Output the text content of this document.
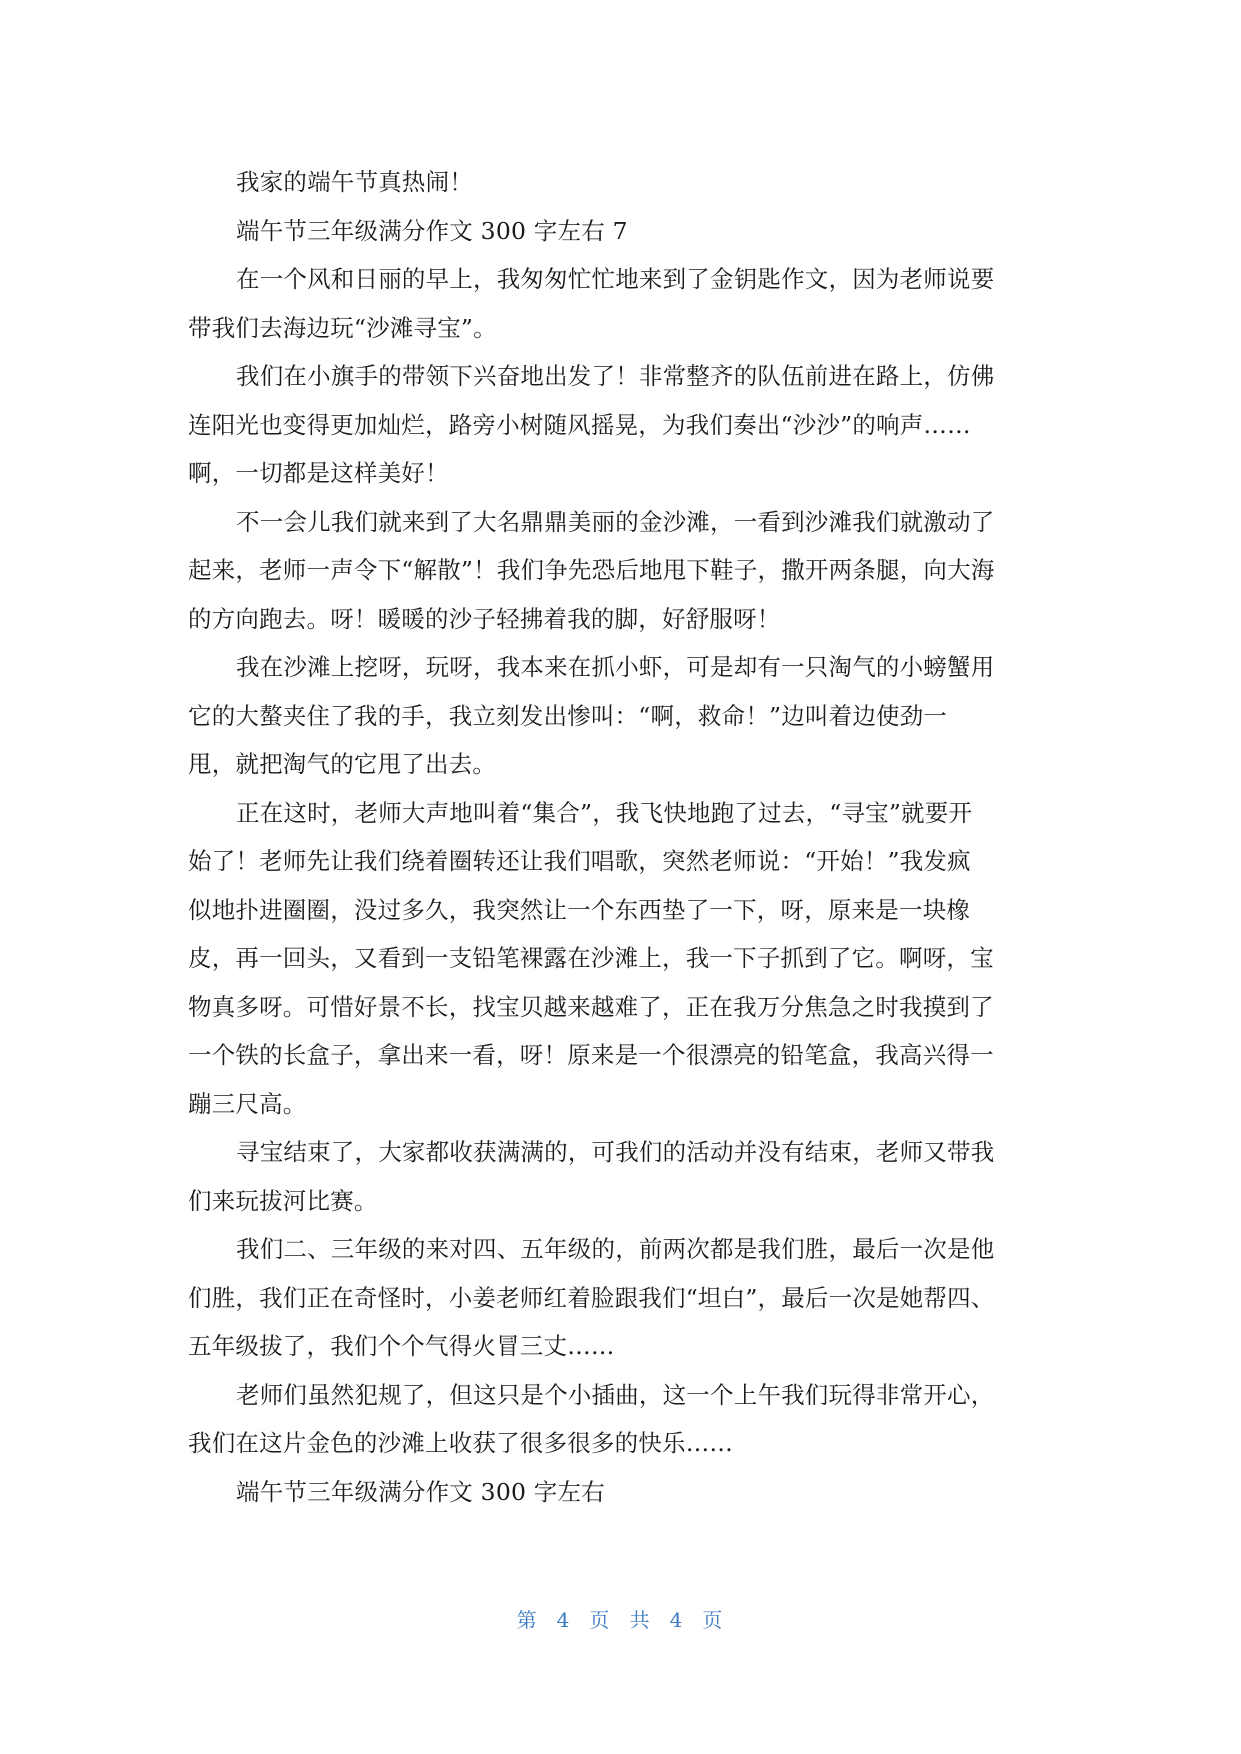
我家的端午节真热闹！
端午节三年级满分作文 300 字左右 7
在一个风和日丽的早上，我匆匆忙忙地来到了金钥匙作文，因为老师说要
带我们去海边玩“沙滩寻宝”。
我们在小旗手的带领下兴奋地出发了！非常整齐的队伍前进在路上，仿佛
连阳光也变得更加灿烂，路旁小树随风摇晃，为我们奏出“沙沙”的响声……
啊，一切都是这样美好！
不一会儿我们就来到了大名鼎鼎美丽的金沙滩，一看到沙滩我们就激动了
起来，老师一声令下“解散”！我们争先恐后地甩下鞋子，撒开两条腿，向大海
的方向跑去。呀！暖暖的沙子轻拂着我的脚，好舒服呀！
我在沙滩上挖呀，玩呀，我本来在抓小虾，可是却有一只淘气的小螃蟹用
它的大螯夹住了我的手，我立刻发出惨叫：“啊，救命！”边叫着边使劲一
甩，就把淘气的它甩了出去。
正在这时，老师大声地叫着“集合”，我飞快地跑了过去，“寻宝”就要开
始了！老师先让我们绕着圈转还让我们唱歌，突然老师说：“开始！”我发疯
似地扑进圈圈，没过多久，我突然让一个东西垫了一下，呀，原来是一块橡
皮，再一回头，又看到一支铅笔裸露在沙滩上，我一下子抓到了它。啊呀，宝
物真多呀。可惜好景不长，找宝贝越来越难了，正在我万分焦急之时我摸到了
一个铁的长盒子，拿出来一看，呀！原来是一个很漂亮的铅笔盒，我高兴得一
蹦三尺高。
寻宝结束了，大家都收获满满的，可我们的活动并没有结束，老师又带我
们来玩拔河比赛。
我们二、三年级的来对四、五年级的，前两次都是我们胜，最后一次是他
们胜，我们正在奇怪时，小姜老师红着脸跟我们“坦白”，最后一次是她帮四、
五年级拔了，我们个个气得火冒三丈……
老师们虽然犯规了，但这只是个小插曲，这一个上午我们玩得非常开心，
我们在这片金色的沙滩上收获了很多很多的快乐……
端午节三年级满分作文 300 字左右
第 4 页 共 4 页
